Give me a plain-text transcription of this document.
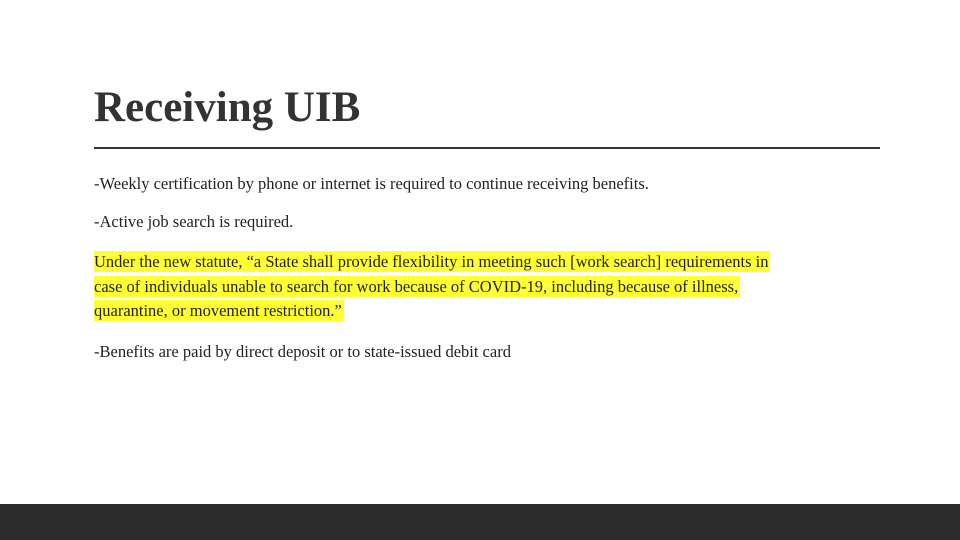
Receiving UIB

-Weekly certification by phone or internet is required to continue receiving benefits.

-Active job search is required.

Under the new statute, “a State shall provide flexibility in meeting such [work search] requirements in
case of individuals unable to search for work because of COVID-19, including because of illness,
quarantine, or movement restriction.”

-Benefits are paid by direct deposit or to state-issued debit card
